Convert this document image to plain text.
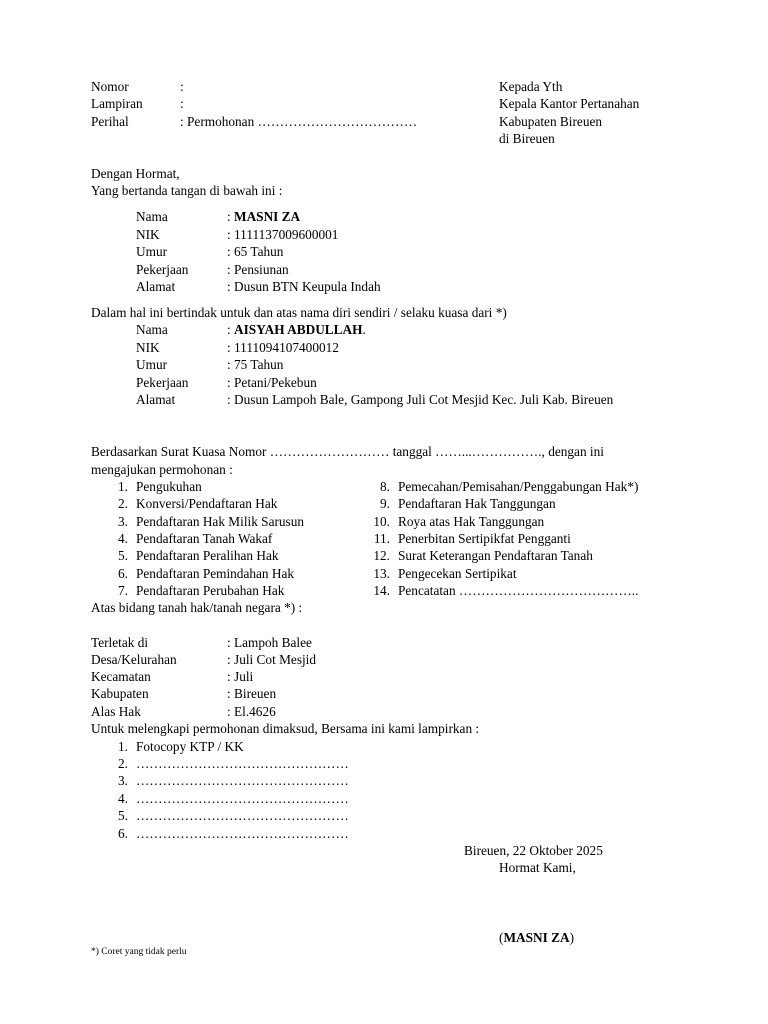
Nomor	:
Lampiran	:
Perihal	: Permohonan ………………………………
Kepada Yth
Kepala Kantor Pertanahan
Kabupaten Bireuen
di Bireuen
Dengan Hormat,
Yang bertanda tangan di bawah ini :
Nama	: MASNI ZA
NIK	: 1111137009600001
Umur	: 65 Tahun
Pekerjaan	: Pensiunan
Alamat	: Dusun BTN Keupula Indah
Dalam hal ini bertindak untuk dan atas nama diri sendiri / selaku kuasa dari *)
Nama	: AISYAH ABDULLAH.
NIK	: 1111094107400012
Umur	: 75 Tahun
Pekerjaan	: Petani/Pekebun
Alamat	: Dusun Lampoh Bale, Gampong Juli Cot Mesjid Kec. Juli Kab. Bireuen
Berdasarkan Surat Kuasa Nomor ……………………… tanggal ……...……………., dengan ini
mengajukan permohonan :
1. Pengukuhan
2. Konversi/Pendaftaran Hak
3. Pendaftaran Hak Milik Sarusun
4. Pendaftaran Tanah Wakaf
5. Pendaftaran Peralihan Hak
6. Pendaftaran Pemindahan Hak
7. Pendaftaran Perubahan Hak
8. Pemecahan/Pemisahan/Penggabungan Hak*)
9. Pendaftaran Hak Tanggungan
10. Roya atas Hak Tanggungan
11. Penerbitan Sertipikfat Pengganti
12. Surat Keterangan Pendaftaran Tanah
13. Pengecekan Sertipikat
14. Pencatatan …………………………………..
Atas bidang tanah hak/tanah negara *) :
Terletak di	: Lampoh Balee
Desa/Kelurahan	: Juli Cot Mesjid
Kecamatan	: Juli
Kabupaten	: Bireuen
Alas Hak	: El.4626
Untuk melengkapi permohonan dimaksud, Bersama ini kami lampirkan :
1. Fotocopy KTP / KK
2. …………………………………………
3. …………………………………………
4. …………………………………………
5. …………………………………………
6. …………………………………………
Bireuen, 22 Oktober 2025
Hormat Kami,
(MASNI ZA)
*) Coret yang tidak perlu
